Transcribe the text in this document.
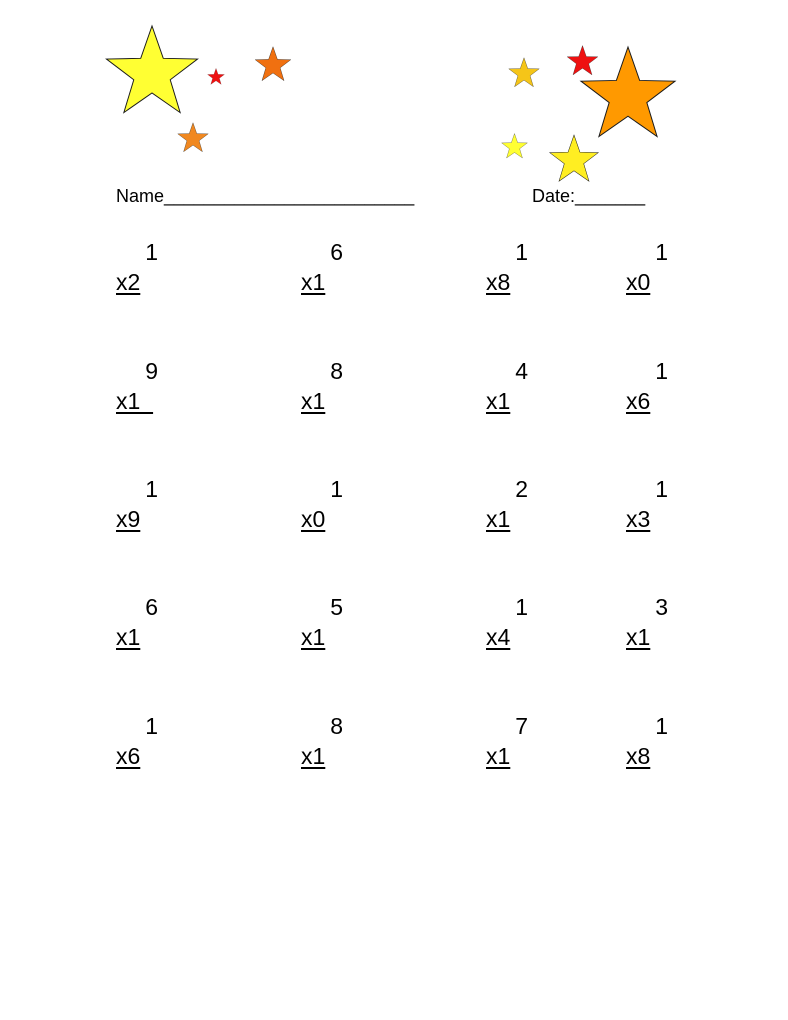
Name_________________________	Date:_______
1
x2
6
x1
1
x8
1
x0
9
x1
8
x1
4
x1
1
x6
1
x9
1
x0
2
x1
1
x3
6
x1
5
x1
1
x4
3
x1
1
x6
8
x1
7
x1
1
x8
